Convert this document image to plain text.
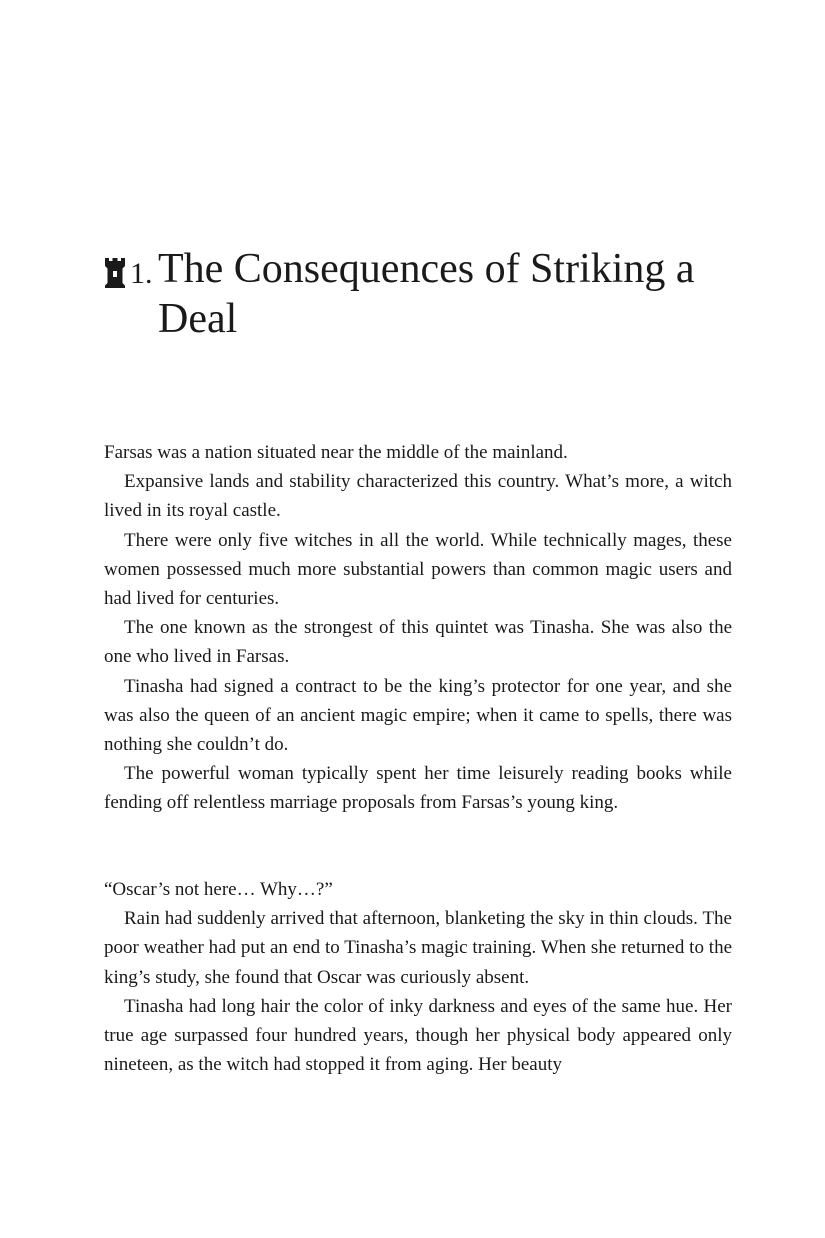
1. The Consequences of Striking a Deal

Farsas was a nation situated near the middle of the mainland.

Expansive lands and stability characterized this country. What’s more, a witch lived in its royal castle.

There were only five witches in all the world. While technically mages, these women possessed much more substantial powers than common magic users and had lived for centuries.

The one known as the strongest of this quintet was Tinasha. She was also the one who lived in Farsas.

Tinasha had signed a contract to be the king’s protector for one year, and she was also the queen of an ancient magic empire; when it came to spells, there was nothing she couldn’t do.

The powerful woman typically spent her time leisurely reading books while fending off relentless marriage proposals from Farsas’s young king.

“Oscar’s not here… Why…?”

Rain had suddenly arrived that afternoon, blanketing the sky in thin clouds. The poor weather had put an end to Tinasha’s magic training. When she returned to the king’s study, she found that Oscar was curiously absent.

Tinasha had long hair the color of inky darkness and eyes of the same hue. Her true age surpassed four hundred years, though her physical body appeared only nineteen, as the witch had stopped it from aging. Her beauty
